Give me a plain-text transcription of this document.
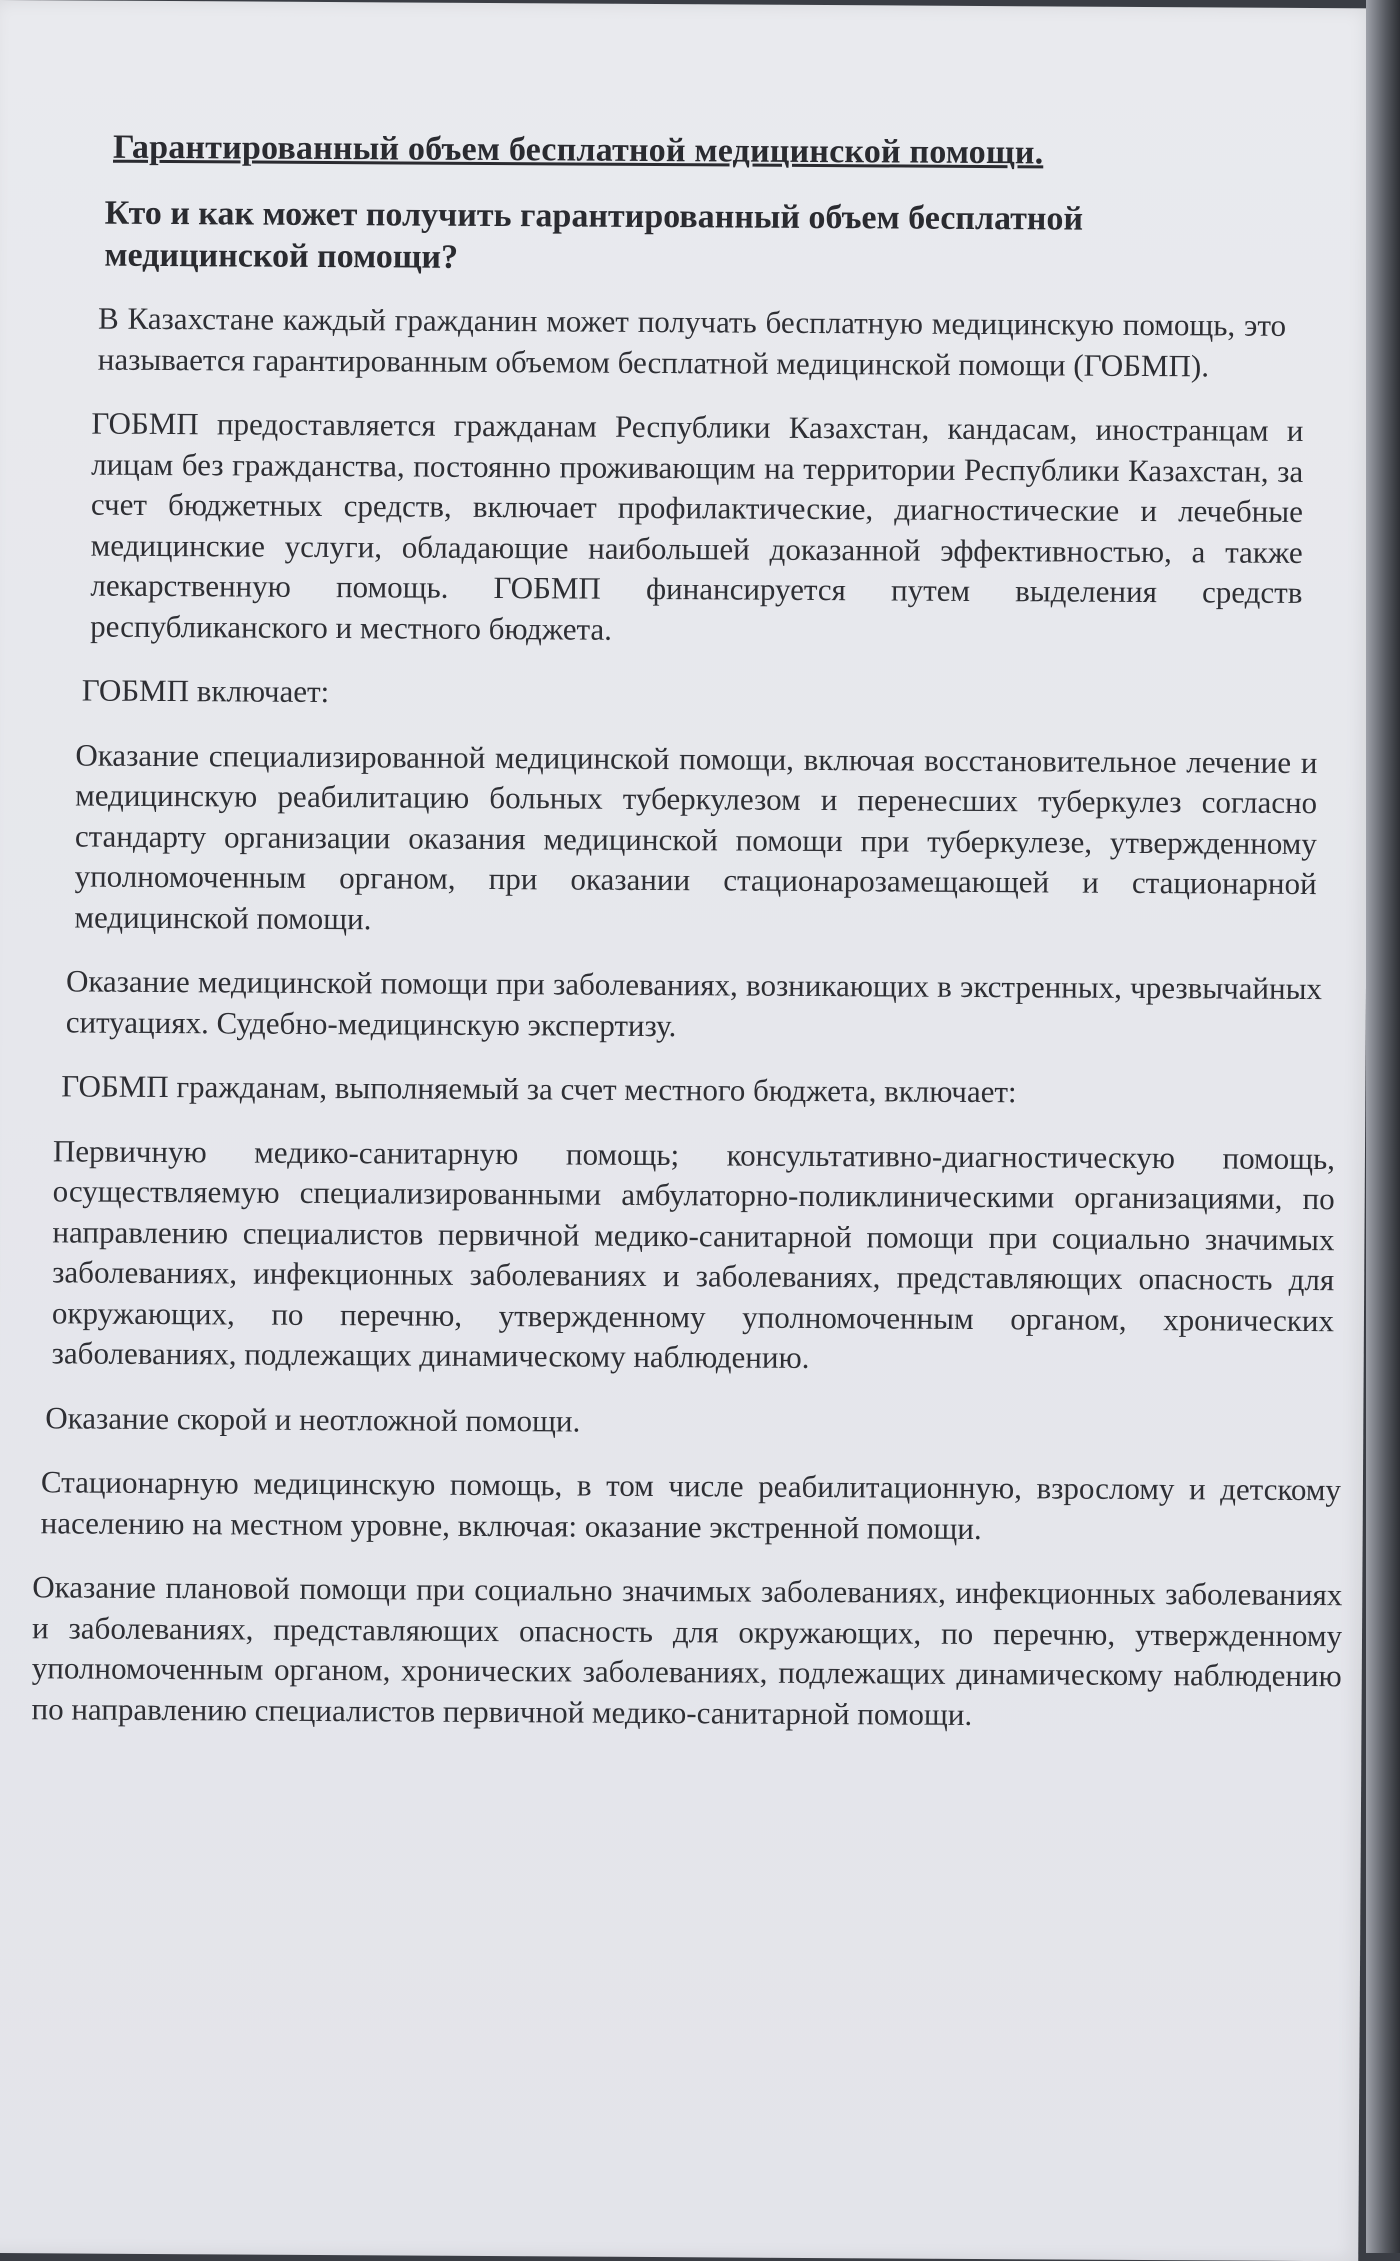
Гарантированный объем бесплатной медицинской помощи.
Кто и как может получить гарантированный объем бесплатной медицинской помощи?

В Казахстане каждый гражданин может получать бесплатную медицинскую помощь, это называется гарантированным объемом бесплатной медицинской помощи (ГОБМП).

ГОБМП предоставляется гражданам Республики Казахстан, кандасам, иностранцам и лицам без гражданства, постоянно проживающим на территории Республики Казахстан, за счет бюджетных средств, включает профилактические, диагностические и лечебные медицинские услуги, обладающие наибольшей доказанной эффективностью, а также лекарственную помощь. ГОБМП финансируется путем выделения средств республиканского и местного бюджета.

ГОБМП включает:

Оказание специализированной медицинской помощи, включая восстановительное лечение и медицинскую реабилитацию больных туберкулезом и перенесших туберкулез согласно стандарту организации оказания медицинской помощи при туберкулезе, утвержденному уполномоченным органом, при оказании стационарозамещающей и стационарной медицинской помощи.

Оказание медицинской помощи при заболеваниях, возникающих в экстренных, чрезвычайных ситуациях. Судебно-медицинскую экспертизу.

ГОБМП гражданам, выполняемый за счет местного бюджета, включает:

Первичную медико-санитарную помощь; консультативно-диагностическую помощь, осуществляемую специализированными амбулаторно-поликлиническими организациями, по направлению специалистов первичной медико-санитарной помощи при социально значимых заболеваниях, инфекционных заболеваниях и заболеваниях, представляющих опасность для окружающих, по перечню, утвержденному уполномоченным органом, хронических заболеваниях, подлежащих динамическому наблюдению.

Оказание скорой и неотложной помощи.

Стационарную медицинскую помощь, в том числе реабилитационную, взрослому и детскому населению на местном уровне, включая: оказание экстренной помощи.

Оказание плановой помощи при социально значимых заболеваниях, инфекционных заболеваниях и заболеваниях, представляющих опасность для окружающих, по перечню, утвержденному уполномоченным органом, хронических заболеваниях, подлежащих динамическому наблюдению по направлению специалистов первичной медико-санитарной помощи.
